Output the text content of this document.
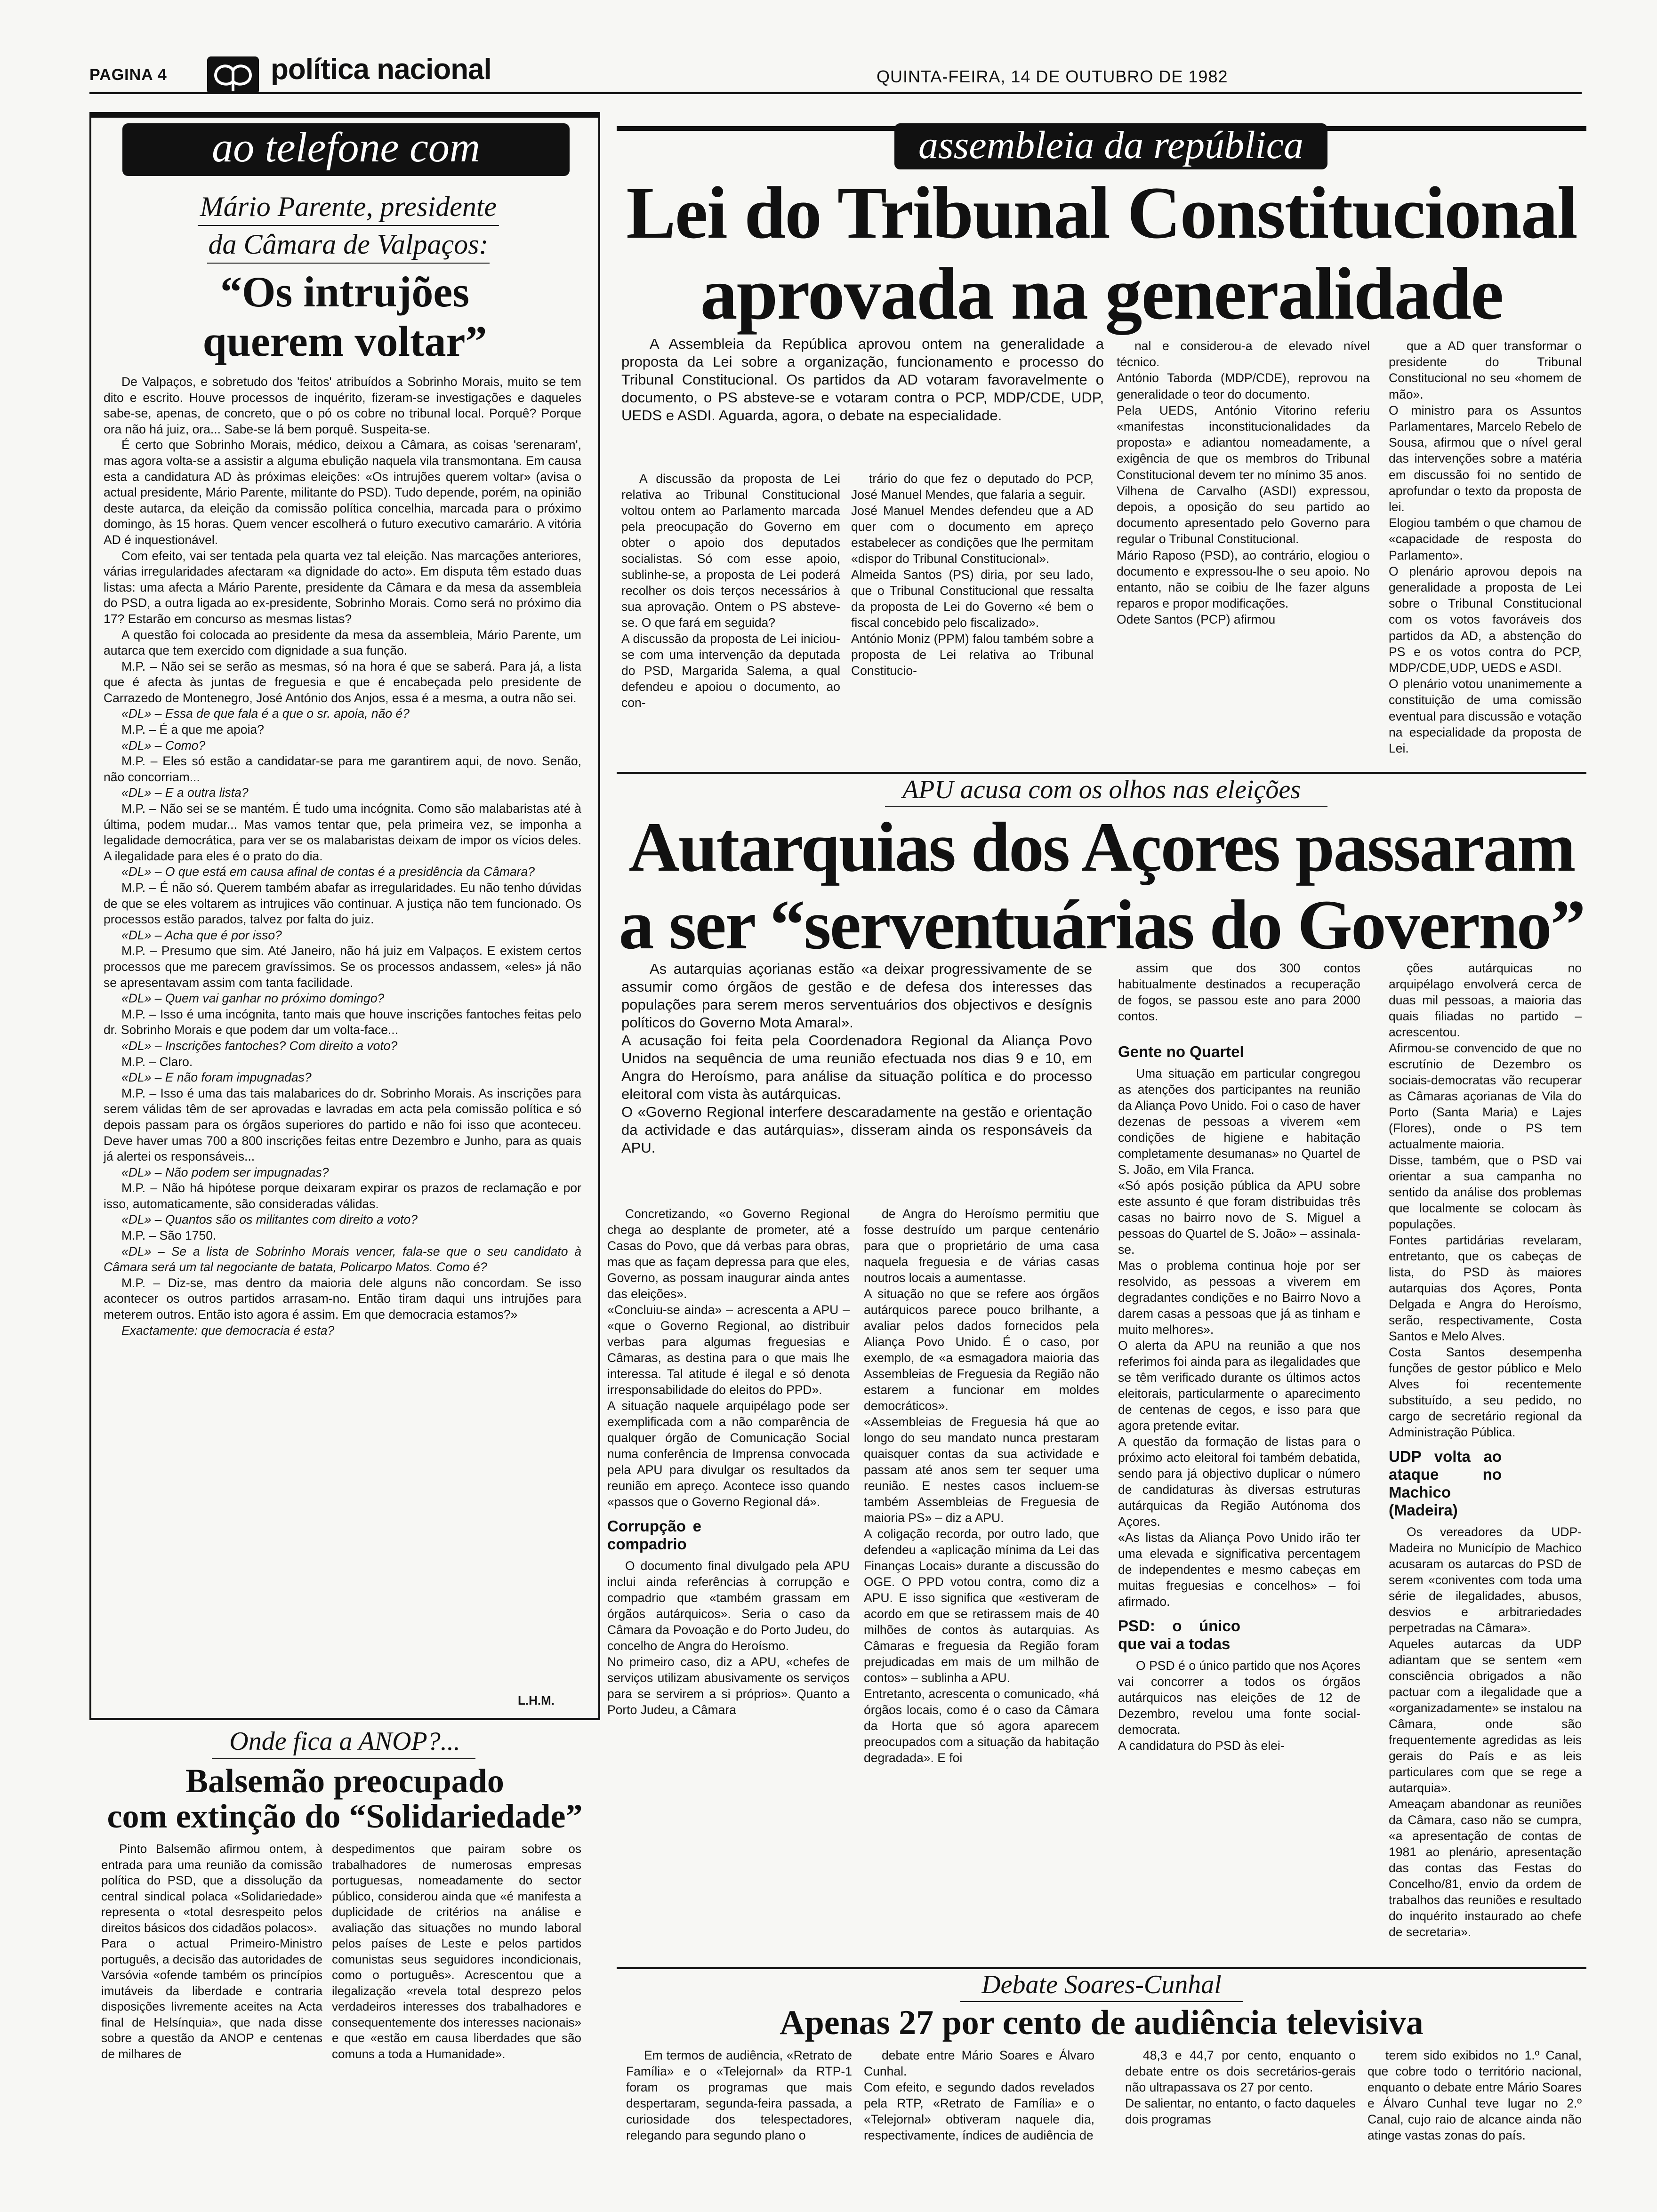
PAGINA 4	política nacional	QUINTA-FEIRA, 14 DE OUTUBRO DE 1982
ao telefone com
Mário Parente, presidente
da Câmara de Valpaços:
“Os intrujões
querem voltar”

De Valpaços, e sobretudo dos 'feitos' atribuídos a Sobrinho Morais, muito se tem dito e escrito. Houve processos de inquérito, fizeram-se investigações e daqueles sabe-se, apenas, de concreto, que o pó os cobre no tribunal local. Porquê? Porque ora não há juiz, ora... Sabe-se lá bem porquê. Suspeita-se.

É certo que Sobrinho Morais, médico, deixou a Câmara, as coisas 'serenaram', mas agora volta-se a assistir a alguma ebulição naquela vila transmontana. Em causa esta a candidatura AD às próximas eleições: «Os intrujões querem voltar» (avisa o actual presidente, Mário Parente, militante do PSD). Tudo depende, porém, na opinião deste autarca, da eleição da comissão política concelhia, marcada para o próximo domingo, às 15 horas. Quem vencer escolherá o futuro executivo camarário. A vitória AD é inquestionável.

Com efeito, vai ser tentada pela quarta vez tal eleição. Nas marcações anteriores, várias irregularidades afectaram «a dignidade do acto». Em disputa têm estado duas listas: uma afecta a Mário Parente, presidente da Câmara e da mesa da assembleia do PSD, a outra ligada ao ex-presidente, Sobrinho Morais. Como será no próximo dia 17? Estarão em concurso as mesmas listas?

A questão foi colocada ao presidente da mesa da assembleia, Mário Parente, um autarca que tem exercido com dignidade a sua função.

M.P. – Não sei se serão as mesmas, só na hora é que se saberá. Para já, a lista que é afecta às juntas de freguesia e que é encabeçada pelo presidente de Carrazedo de Montenegro, José António dos Anjos, essa é a mesma, a outra não sei.

«DL» – Essa de que fala é a que o sr. apoia, não é?

M.P. – É a que me apoia?

«DL» – Como?

M.P. – Eles só estão a candidatar-se para me garantirem aqui, de novo. Senão, não concorriam...

«DL» – E a outra lista?

M.P. – Não sei se se mantém. É tudo uma incógnita. Como são malabaristas até à última, podem mudar... Mas vamos tentar que, pela primeira vez, se imponha a legalidade democrática, para ver se os malabaristas deixam de impor os vícios deles. A ilegalidade para eles é o prato do dia.

«DL» – O que está em causa afinal de contas é a presidência da Câmara?

M.P. – É não só. Querem também abafar as irregularidades. Eu não tenho dúvidas de que se eles voltarem as intrujices vão continuar. A justiça não tem funcionado. Os processos estão parados, talvez por falta do juiz.

«DL» – Acha que é por isso?

M.P. – Presumo que sim. Até Janeiro, não há juiz em Valpaços. E existem certos processos que me parecem gravíssimos. Se os processos andassem, «eles» já não se apresentavam assim com tanta facilidade.

«DL» – Quem vai ganhar no próximo domingo?

M.P. – Isso é uma incógnita, tanto mais que houve inscrições fantoches feitas pelo dr. Sobrinho Morais e que podem dar um volta-face...

«DL» – Inscrições fantoches? Com direito a voto?

M.P. – Claro.

«DL» – E não foram impugnadas?

M.P. – Isso é uma das tais malabarices do dr. Sobrinho Morais. As inscrições para serem válidas têm de ser aprovadas e lavradas em acta pela comissão política e só depois passam para os órgãos superiores do partido e não foi isso que aconteceu. Deve haver umas 700 a 800 inscrições feitas entre Dezembro e Junho, para as quais já alertei os responsáveis...

«DL» – Não podem ser impugnadas?

M.P. – Não há hipótese porque deixaram expirar os prazos de reclamação e por isso, automaticamente, são consideradas válidas.

«DL» – Quantos são os militantes com direito a voto?

M.P. – São 1750.

«DL» – Se a lista de Sobrinho Morais vencer, fala-se que o seu candidato à Câmara será um tal negociante de batata, Policarpo Matos. Como é?

M.P. – Diz-se, mas dentro da maioria dele alguns não concordam. Se isso acontecer os outros partidos arrasam-no. Então tiram daqui uns intrujões para meterem outros. Então isto agora é assim. Em que democracia estamos?»

Exactamente: que democracia é esta?

L.H.M.
Onde fica a ANOP?...
Balsemão preocupado
com extinção do “Solidariedade”
Pinto Balsemão afirmou ontem, à entrada para uma reunião da comissão política do PSD, que a dissolução da central sindical polaca «Solidariedade» representa o «total desrespeito pelos direitos básicos dos cidadãos polacos».
Para o actual Primeiro-Ministro português, a decisão das autoridades de Varsóvia «ofende também os princípios imutáveis da liberdade e contraria disposições livremente aceites na Acta final de Helsínquia», que nada disse sobre a questão da ANOP e centenas de milhares de
despedimentos que pairam sobre os trabalhadores de numerosas empresas portuguesas, nomeadamente do sector público, considerou ainda que «é manifesta a duplicidade de critérios na análise e avaliação das situações no mundo laboral pelos países de Leste e pelos partidos comunistas seus seguidores incondicionais, como o português». Acrescentou que a ilegalização «revela total desprezo pelos verdadeiros interesses dos trabalhadores e consequentemente dos interesses nacionais» e que «estão em causa liberdades que são comuns a toda a Humanidade».
assembleia da república
Lei do Tribunal Constitucional
aprovada na generalidade
A Assembleia da República aprovou ontem na generalidade a proposta da Lei sobre a organização, funcionamento e processo do Tribunal Constitucional. Os partidos da AD votaram favoravelmente o documento, o PS absteve-se e votaram contra o PCP, MDP/CDE, UDP, UEDS e ASDI. Aguarda, agora, o debate na especialidade.
A discussão da proposta de Lei relativa ao Tribunal Constitucional voltou ontem ao Parlamento marcada pela preocupação do Governo em obter o apoio dos deputados socialistas. Só com esse apoio, sublinhe-se, a proposta de Lei poderá recolher os dois terços necessários à sua aprovação. Ontem o PS absteve-se. O que fará em seguida?
A discussão da proposta de Lei iniciou-se com uma intervenção da deputada do PSD, Margarida Salema, a qual defendeu e apoiou o documento, ao con-
trário do que fez o deputado do PCP, José Manuel Mendes, que falaria a seguir.
José Manuel Mendes defendeu que a AD quer com o documento em apreço estabelecer as condições que lhe permitam «dispor do Tribunal Constitucional».
Almeida Santos (PS) diria, por seu lado, que o Tribunal Constitucional que ressalta da proposta de Lei do Governo «é bem o fiscal concebido pelo fiscalizado».
António Moniz (PPM) falou também sobre a proposta de Lei relativa ao Tribunal Constitucio-
nal e considerou-a de elevado nível técnico.
António Taborda (MDP/CDE), reprovou na generalidade o teor do documento.
Pela UEDS, António Vitorino referiu «manifestas inconstitucionalidades da proposta» e adiantou nomeadamente, a exigência de que os membros do Tribunal Constitucional devem ter no mínimo 35 anos.
Vilhena de Carvalho (ASDI) expressou, depois, a oposição do seu partido ao documento apresentado pelo Governo para regular o Tribunal Constitucional.
Mário Raposo (PSD), ao contrário, elogiou o documento e expressou-lhe o seu apoio. No entanto, não se coibiu de lhe fazer alguns reparos e propor modificações.
Odete Santos (PCP) afirmou
que a AD quer transformar o presidente do Tribunal Constitucional no seu «homem de mão».
O ministro para os Assuntos Parlamentares, Marcelo Rebelo de Sousa, afirmou que o nível geral das intervenções sobre a matéria em discussão foi no sentido de aprofundar o texto da proposta de lei.
Elogiou também o que chamou de «capacidade de resposta do Parlamento».
O plenário aprovou depois na generalidade a proposta de Lei sobre o Tribunal Constitucional com os votos favoráveis dos partidos da AD, a abstenção do PS e os votos contra do PCP, MDP/CDE,UDP, UEDS e ASDI.
O plenário votou unanimemente a constituição de uma comissão eventual para discussão e votação na especialidade da proposta de Lei.
APU acusa com os olhos nas eleições
Autarquias dos Açores passaram
a ser “serventuárias do Governo”
As autarquias açorianas estão «a deixar progressivamente de se assumir como órgãos de gestão e de defesa dos interesses das populações para serem meros serventuários dos objectivos e desígnis políticos do Governo Mota Amaral».
A acusação foi feita pela Coordenadora Regional da Aliança Povo Unidos na sequência de uma reunião efectuada nos dias 9 e 10, em Angra do Heroísmo, para análise da situação política e do processo eleitoral com vista às autárquicas.
O «Governo Regional interfere descaradamente na gestão e orientação da actividade e das autárquias», disseram ainda os responsáveis da APU.
Concretizando, «o Governo Regional chega ao desplante de prometer, até a Casas do Povo, que dá verbas para obras, mas que as façam depressa para que eles, Governo, as possam inaugurar ainda antes das eleições».
«Concluiu-se ainda» – acrescenta a APU – «que o Governo Regional, ao distribuir verbas para algumas freguesias e Câmaras, as destina para o que mais lhe interessa. Tal atitude é ilegal e só denota irresponsabilidade do eleitos do PPD».
A situação naquele arquipélago pode ser exemplificada com a não comparência de qualquer órgão de Comunicação Social numa conferência de Imprensa convocada pela APU para divulgar os resultados da reunião em apreço. Acontece isso quando «passos que o Governo Regional dá».
Corrupção e compadrio
O documento final divulgado pela APU inclui ainda referências à corrupção e compadrio que «também grassam em órgãos autárquicos». Seria o caso da Câmara da Povoação e do Porto Judeu, do concelho de Angra do Heroísmo.
No primeiro caso, diz a APU, «chefes de serviços utilizam abusivamente os serviços para se servirem a si próprios». Quanto a Porto Judeu, a Câmara
de Angra do Heroísmo permitiu que fosse destruído um parque centenário para que o proprietário de uma casa naquela freguesia e de várias casas noutros locais a aumentasse.
A situação no que se refere aos órgãos autárquicos parece pouco brilhante, a avaliar pelos dados fornecidos pela Aliança Povo Unido. É o caso, por exemplo, de «a esmagadora maioria das Assembleias de Freguesia da Região não estarem a funcionar em moldes democráticos».
«Assembleias de Freguesia há que ao longo do seu mandato nunca prestaram quaisquer contas da sua actividade e passam até anos sem ter sequer uma reunião. E nestes casos incluem-se também Assembleias de Freguesia de maioria PS» – diz a APU.
A coligação recorda, por outro lado, que defendeu a «aplicação mínima da Lei das Finanças Locais» durante a discussão do OGE. O PPD votou contra, como diz a APU. E isso significa que «estiveram de acordo em que se retirassem mais de 40 milhões de contos às autarquias. As Câmaras e freguesia da Região foram prejudicadas em mais de um milhão de contos» – sublinha a APU.
Entretanto, acrescenta o comunicado, «há órgãos locais, como é o caso da Câmara da Horta que só agora aparecem preocupados com a situação da habitação degradada». E foi
assim que dos 300 contos habitualmente destinados a recuperação de fogos, se passou este ano para 2000 contos.
Gente no Quartel
Uma situação em particular congregou as atenções dos participantes na reunião da Aliança Povo Unido. Foi o caso de haver dezenas de pessoas a viverem «em condições de higiene e habitação completamente desumanas» no Quartel de S. João, em Vila Franca.
«Só após posição pública da APU sobre este assunto é que foram distribuidas três casas no bairro novo de S. Miguel a pessoas do Quartel de S. João» – assinala-se.
Mas o problema continua hoje por ser resolvido, as pessoas a viverem em degradantes condições e no Bairro Novo a darem casas a pessoas que já as tinham e muito melhores».
O alerta da APU na reunião a que nos referimos foi ainda para as ilegalidades que se têm verificado durante os últimos actos eleitorais, particularmente o aparecimento de centenas de cegos, e isso para que agora pretende evitar.
A questão da formação de listas para o próximo acto eleitoral foi também debatida, sendo para já objectivo duplicar o número de candidaturas às diversas estruturas autárquicas da Região Autónoma dos Açores.
«As listas da Aliança Povo Unido irão ter uma elevada e significativa percentagem de independentes e mesmo cabeças em muitas freguesias e concelhos» – foi afirmado.
PSD: o único que vai a todas
O PSD é o único partido que nos Açores vai concorrer a todos os órgãos autárquicos nas eleições de 12 de Dezembro, revelou uma fonte social-democrata.
A candidatura do PSD às elei-
ções autárquicas no arquipélago envolverá cerca de duas mil pessoas, a maioria das quais filiadas no partido – acrescentou.
Afirmou-se convencido de que no escrutínio de Dezembro os sociais-democratas vão recuperar as Câmaras açorianas de Vila do Porto (Santa Maria) e Lajes (Flores), onde o PS tem actualmente maioria.
Disse, também, que o PSD vai orientar a sua campanha no sentido da análise dos problemas que localmente se colocam às populações.
Fontes partidárias revelaram, entretanto, que os cabeças de lista, do PSD às maiores autarquias dos Açores, Ponta Delgada e Angra do Heroísmo, serão, respectivamente, Costa Santos e Melo Alves.
Costa Santos desempenha funções de gestor público e Melo Alves foi recentemente substituído, a seu pedido, no cargo de secretário regional da Administração Pública.
UDP volta ao ataque no Machico (Madeira)
Os vereadores da UDP-Madeira no Município de Machico acusaram os autarcas do PSD de serem «coniventes com toda uma série de ilegalidades, abusos, desvios e arbitrariedades perpetradas na Câmara».
Aqueles autarcas da UDP adiantam que se sentem «em consciência obrigados a não pactuar com a ilegalidade que a «organizadamente» se instalou na Câmara, onde são frequentemente agredidas as leis gerais do País e as leis particulares com que se rege a autarquia».
Ameaçam abandonar as reuniões da Câmara, caso não se cumpra, «a apresentação de contas de 1981 ao plenário, apresentação das contas das Festas do Concelho/81, envio da ordem de trabalhos das reuniões e resultado do inquérito instaurado ao chefe de secretaria».
Debate Soares-Cunhal
Apenas 27 por cento de audiência televisiva
Em termos de audiência, «Retrato de Família» e o «Telejornal» da RTP-1 foram os programas que mais despertaram, segunda-feira passada, a curiosidade dos telespectadores, relegando para segundo plano o
debate entre Mário Soares e Álvaro Cunhal.
Com efeito, e segundo dados revelados pela RTP, «Retrato de Família» e o «Telejornal» obtiveram naquele dia, respectivamente, índices de audiência de
48,3 e 44,7 por cento, enquanto o debate entre os dois secretários-gerais não ultrapassava os 27 por cento.
De salientar, no entanto, o facto daqueles dois programas
terem sido exibidos no 1.º Canal, que cobre todo o território nacional, enquanto o debate entre Mário Soares e Álvaro Cunhal teve lugar no 2.º Canal, cujo raio de alcance ainda não atinge vastas zonas do país.
